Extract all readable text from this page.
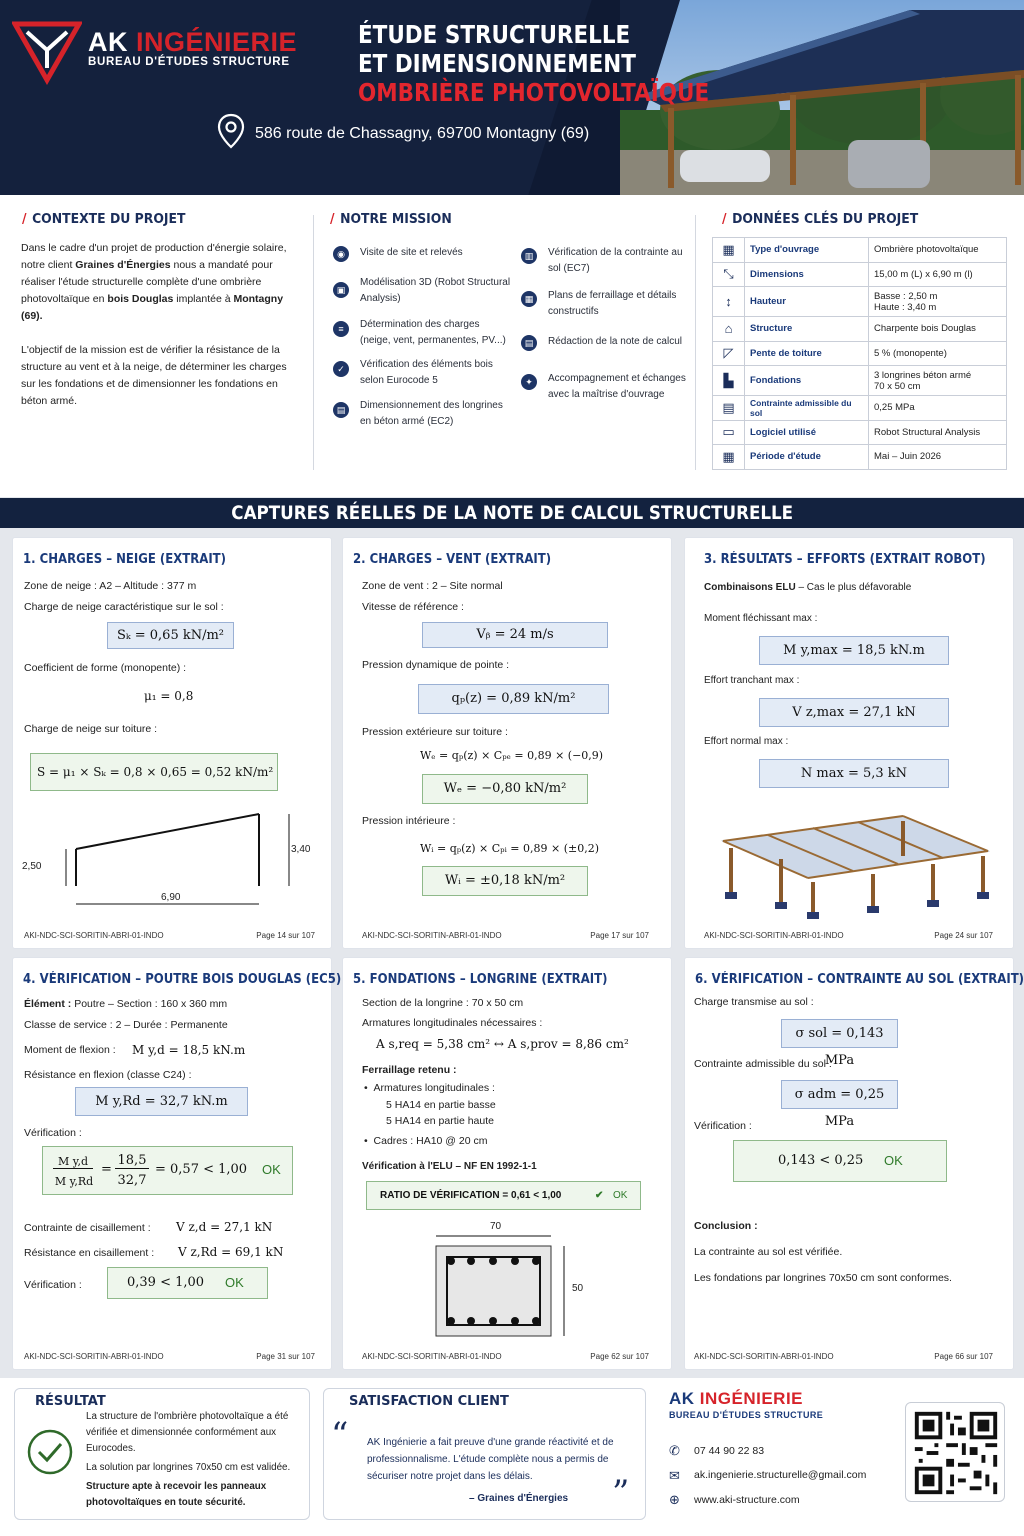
AK INGÉNIERIE
BUREAU D'ÉTUDES STRUCTURE
ÉTUDE STRUCTURELLE
ET DIMENSIONNEMENT
OMBRIÈRE PHOTOVOLTAÏQUE
586 route de Chassagny, 69700 Montagny (69)
/ CONTEXTE DU PROJET

Dans le cadre d'un projet de production d'énergie solaire, notre client Graines d'Énergies nous a mandaté pour réaliser l'étude structurelle complète d'une ombrière photovoltaïque en bois Douglas implantée à Montagny (69).

L'objectif de la mission est de vérifier la résistance de la structure au vent et à la neige, de déterminer les charges sur les fondations et de dimensionner les fondations en béton armé.

/ NOTRE MISSION
◉	Visite de site et relevés
▣
Modélisation 3D (Robot Structural Analysis)
≡	Détermination des charges (neige, vent, permanentes, PV...)
✓	Vérification des éléments bois selon Eurocode 5
▤	Dimensionnement des longrines en béton armé (EC2)
▥	Vérification de la contrainte au sol (EC7)
▦	Plans de ferraillage et détails constructifs
▤	Rédaction de la note de calcul
✦	Accompagnement et échanges avec la maîtrise d'ouvrage
/ DONNÉES CLÉS DU PROJET
▦	Type d'ouvrage	Ombrière photovoltaïque
⤡	Dimensions	15,00 m (L) x 6,90 m (l)
↕	Hauteur	Basse : 2,50 m
Haute : 3,40 m

⌂	Structure	Charpente bois Douglas
◸	Pente de toiture	5 % (monopente)
▙	Fondations	3 longrines béton armé
70 x 50 cm

▤	Contrainte admissible du sol	0,25 MPa
▭	Logiciel utilisé	Robot Structural Analysis
▦	Période d'étude	Mai – Juin 2026
CAPTURES RÉELLES DE LA NOTE DE CALCUL STRUCTURELLE
1. CHARGES – NEIGE (EXTRAIT)
Zone de neige : A2 – Altitude : 377 m
Charge de neige caractéristique sur le sol :
Sₖ = 0,65 kN/m²
Coefficient de forme (monopente) :
μ₁ = 0,8
Charge de neige sur toiture :
S = μ₁ × Sₖ = 0,8 × 0,65 = 0,52 kN/m²
2,50
3,40
6,90
AKI-NDC-SCI-SORITIN-ABRI-01-INDO	Page 14 sur 107
2. CHARGES – VENT (EXTRAIT)
Zone de vent : 2 – Site normal
Vitesse de référence :
Vᵦ = 24 m/s
Pression dynamique de pointe :
qₚ(z) = 0,89 kN/m²
Pression extérieure sur toiture :
Wₑ = qₚ(z) × Cₚₑ = 0,89 × (−0,9)
Wₑ = −0,80 kN/m²
Pression intérieure :
Wᵢ = qₚ(z) × Cₚᵢ = 0,89 × (±0,2)
Wᵢ = ±0,18 kN/m²
AKI-NDC-SCI-SORITIN-ABRI-01-INDO	Page 17 sur 107
3. RÉSULTATS – EFFORTS (EXTRAIT ROBOT)
Combinaisons ELU – Cas le plus défavorable
Moment fléchissant max :
M y,max = 18,5 kN.m
Effort tranchant max :
V z,max = 27,1 kN
Effort normal max :
N max = 5,3 kN
AKI-NDC-SCI-SORITIN-ABRI-01-INDO	Page 24 sur 107
4. VÉRIFICATION – POUTRE BOIS DOUGLAS (EC5)
Élément : Poutre – Section : 160 x 360 mm
Classe de service : 2 – Durée : Permanente
Moment de flexion : M y,d = 18,5 kN.m
Résistance en flexion (classe C24) :
M y,Rd = 32,7 kN.m
Vérification :
M y,d
M y,Rd
=
18,5
32,7
= 0,57 < 1,00 OK
Contrainte de cisaillement : V z,d = 27,1 kN
Résistance en cisaillement : V z,Rd = 69,1 kN
Vérification :	0,39 < 1,00 OK
AKI-NDC-SCI-SORITIN-ABRI-01-INDO	Page 31 sur 107
5. FONDATIONS – LONGRINE (EXTRAIT)
Section de la longrine : 70 x 50 cm
Armatures longitudinales nécessaires :
A s,req = 5,38 cm² ↔ A s,prov = 8,86 cm²
Ferraillage retenu :
•  Armatures longitudinales :
5 HA14 en partie basse
5 HA14 en partie haute
•  Cadres : HA10 @ 20 cm
Vérification à l'ELU – NF EN 1992-1-1
RATIO DE VÉRIFICATION = 0,61 < 1,00	✔ OK
70
50
AKI-NDC-SCI-SORITIN-ABRI-01-INDO	Page 62 sur 107
6. VÉRIFICATION – CONTRAINTE AU SOL (EXTRAIT)
Charge transmise au sol :
σ sol = 0,143 MPa
Contrainte admissible du sol :
σ adm = 0,25 MPa
Vérification :
0,143 < 0,25 OK
Conclusion :
La contrainte au sol est vérifiée.
Les fondations par longrines 70x50 cm sont conformes.
AKI-NDC-SCI-SORITIN-ABRI-01-INDO	Page 66 sur 107
RÉSULTAT
La structure de l'ombrière photovoltaïque a été vérifiée et dimensionnée conformément aux Eurocodes.
La solution par longrines 70x50 cm est validée.
Structure apte à recevoir les panneaux photovoltaïques en toute sécurité.
SATISFACTION CLIENT
“ AK Ingénierie a fait preuve d'une grande réactivité et de professionnalisme. L'étude complète nous a permis de sécuriser notre projet dans les délais.
– Graines d'Énergies ”
AK INGÉNIERIE
BUREAU D'ÉTUDES STRUCTURE
✆ 07 44 90 22 83
✉ ak.ingenierie.structurelle@gmail.com
⊕ www.aki-structure.com
